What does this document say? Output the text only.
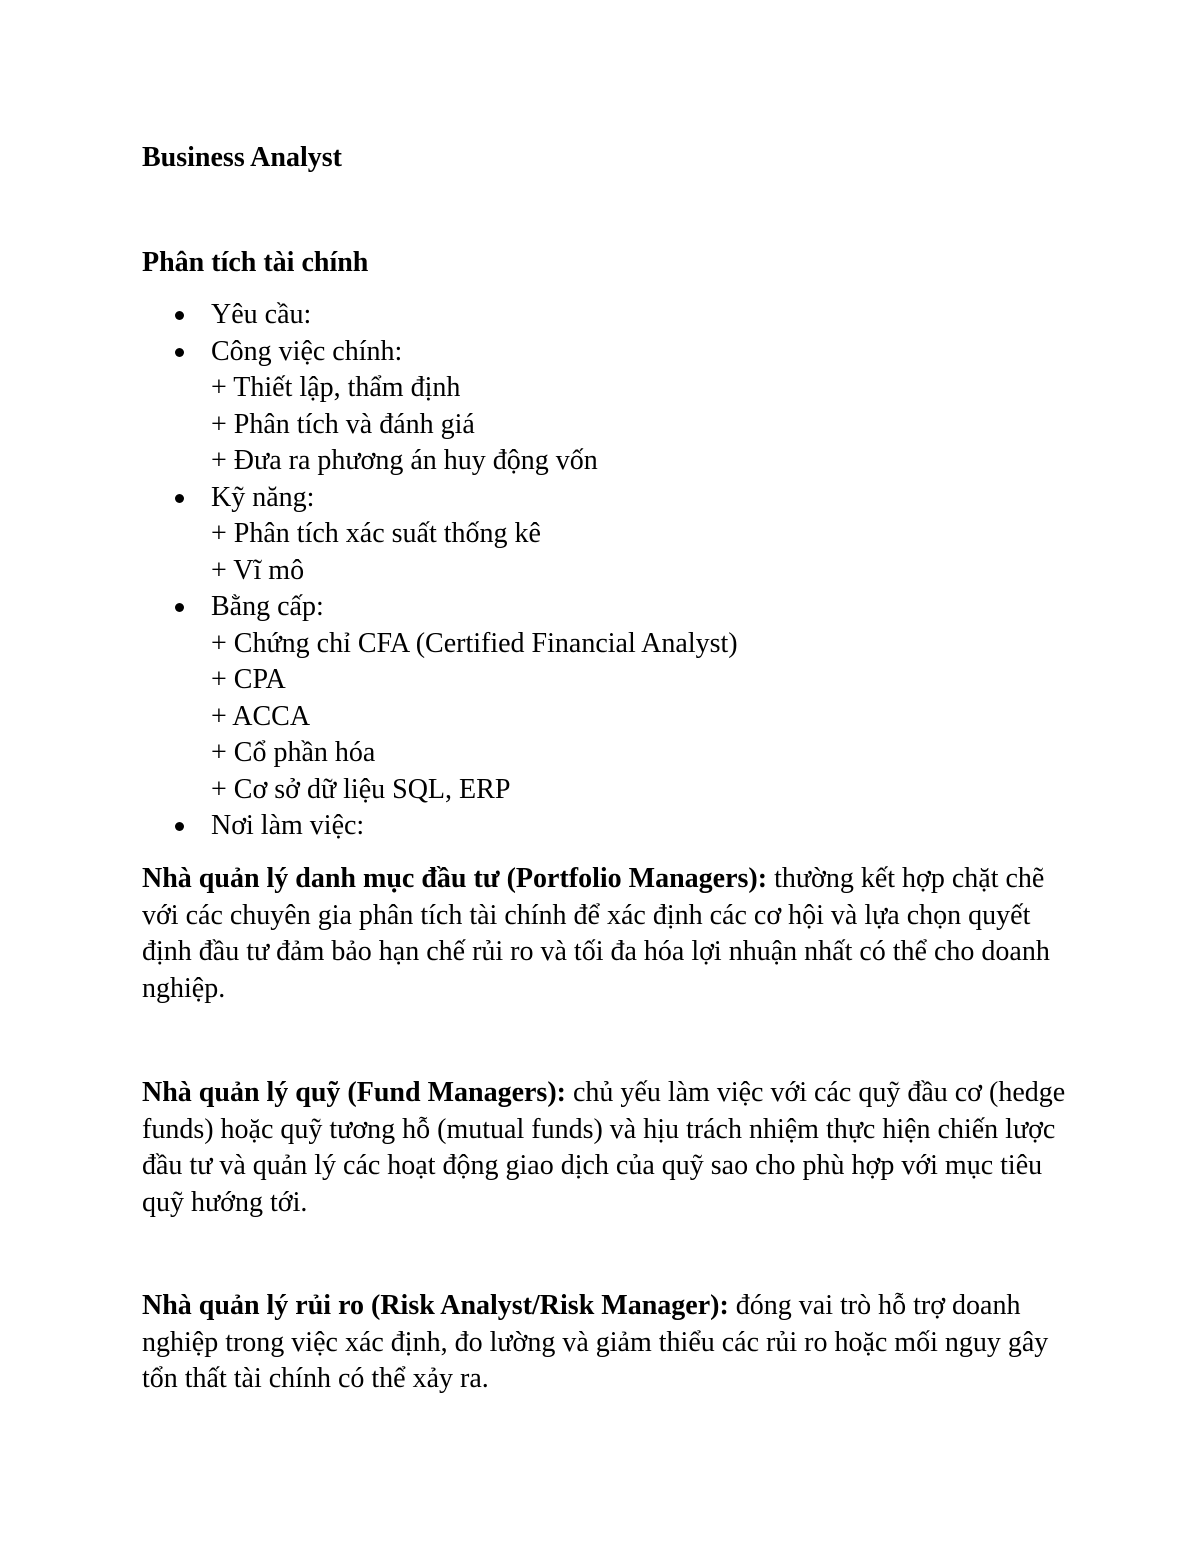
Business Analyst
Phân tích tài chính
Yêu cầu:
Công việc chính:
+ Thiết lập, thẩm định
+ Phân tích và đánh giá
+ Đưa ra phương án huy động vốn
Kỹ năng:
+ Phân tích xác suất thống kê
+ Vĩ mô
Bằng cấp:
+ Chứng chỉ CFA (Certified Financial Analyst)
+ CPA
+ ACCA
+ Cổ phần hóa
+ Cơ sở dữ liệu SQL, ERP
Nơi làm việc:

Nhà quản lý danh mục đầu tư (Portfolio Managers): thường kết hợp chặt chẽ với các chuyên gia phân tích tài chính để xác định các cơ hội và lựa chọn quyết định đầu tư đảm bảo hạn chế rủi ro và tối đa hóa lợi nhuận nhất có thể cho doanh nghiệp.

Nhà quản lý quỹ (Fund Managers): chủ yếu làm việc với các quỹ đầu cơ (hedge funds) hoặc quỹ tương hỗ (mutual funds) và hịu trách nhiệm thực hiện chiến lược đầu tư và quản lý các hoạt động giao dịch của quỹ sao cho phù hợp với mục tiêu quỹ hướng tới.

Nhà quản lý rủi ro (Risk Analyst/Risk Manager): đóng vai trò hỗ trợ doanh nghiệp trong việc xác định, đo lường và giảm thiểu các rủi ro hoặc mối nguy gây tổn thất tài chính có thể xảy ra.
